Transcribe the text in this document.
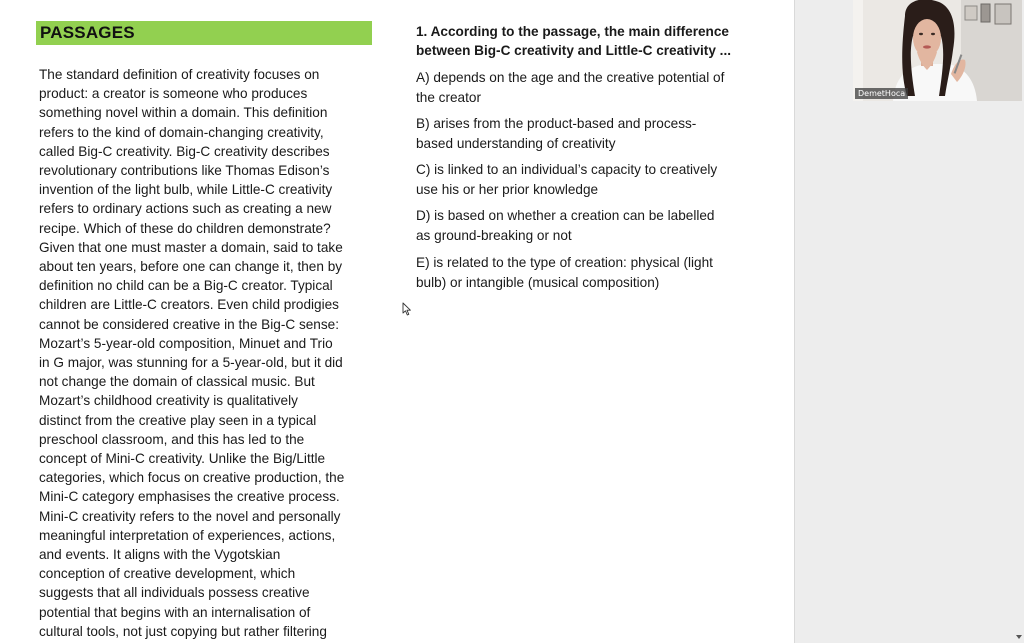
PASSAGES
The standard definition of creativity focuses on
product: a creator is someone who produces
something novel within a domain. This definition
refers to the kind of domain-changing creativity,
called Big-C creativity. Big-C creativity describes
revolutionary contributions like Thomas Edison’s
invention of the light bulb, while Little-C creativity
refers to ordinary actions such as creating a new
recipe. Which of these do children demonstrate?
Given that one must master a domain, said to take
about ten years, before one can change it, then by
definition no child can be a Big-C creator. Typical
children are Little-C creators. Even child prodigies
cannot be considered creative in the Big-C sense:
Mozart’s 5-year-old composition, Minuet and Trio
in G major, was stunning for a 5-year-old, but it did
not change the domain of classical music. But
Mozart’s childhood creativity is qualitatively
distinct from the creative play seen in a typical
preschool classroom, and this has led to the
concept of Mini-C creativity. Unlike the Big/Little
categories, which focus on creative production, the
Mini-C category emphasises the creative process.
Mini-C creativity refers to the novel and personally
meaningful interpretation of experiences, actions,
and events. It aligns with the Vygotskian
conception of creative development, which
suggests that all individuals possess creative
potential that begins with an internalisation of
cultural tools, not just copying but rather filtering
1. According to the passage, the main difference
between Big-C creativity and Little-C creativity ...
A) depends on the age and the creative potential of
the creator
B) arises from the product-based and process-
based understanding of creativity
C) is linked to an individual’s capacity to creatively
use his or her prior knowledge
D) is based on whether a creation can be labelled
as ground-breaking or not
E) is related to the type of creation: physical (light
bulb) or intangible (musical composition)
DemetHoca
